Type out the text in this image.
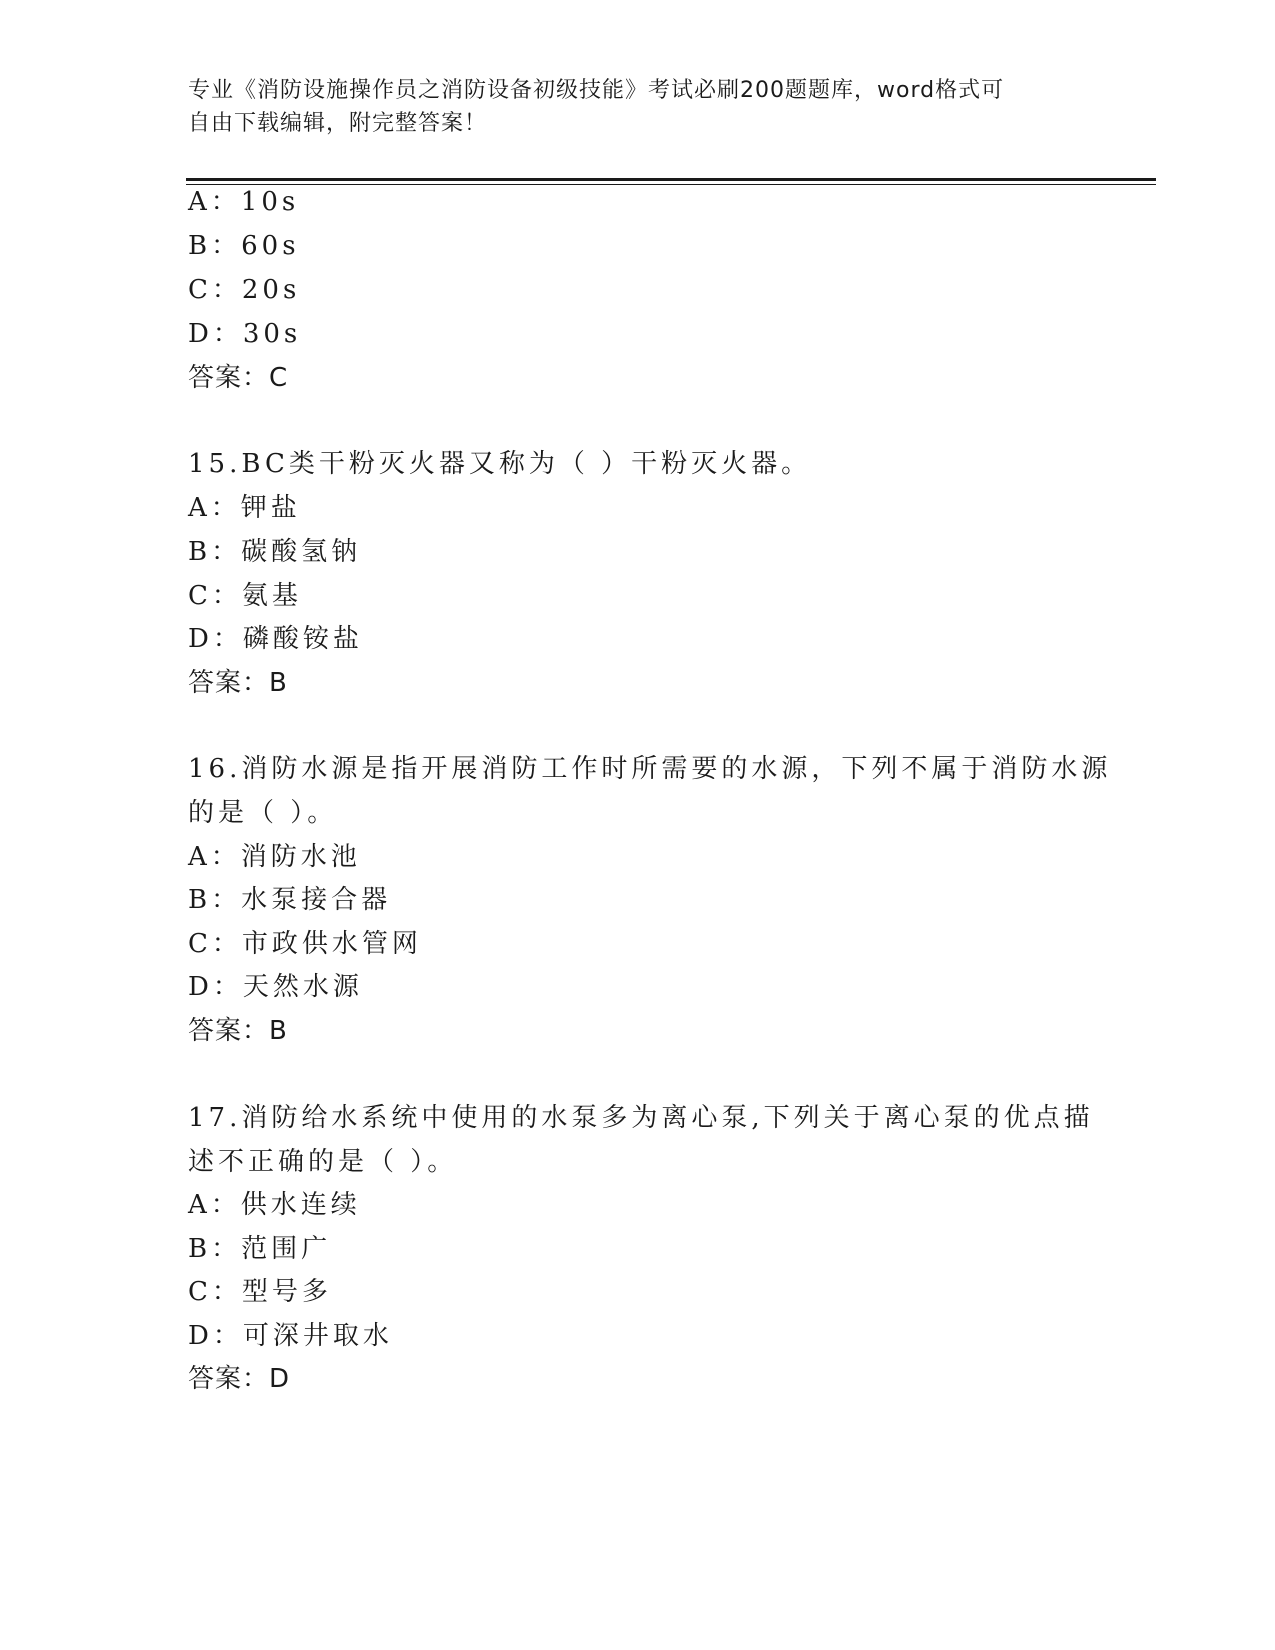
专业《消防设施操作员之消防设备初级技能》考试必刷200题题库，word格式可
自由下载编辑，附完整答案！
A：10s
B：60s
C：20s
D：30s
答案：C
15.BC类干粉灭火器又称为（ ）干粉灭火器。
A：钾盐
B：碳酸氢钠
C：氨基
D：磷酸铵盐
答案：B
16.消防水源是指开展消防工作时所需要的水源，下列不属于消防水源
的是（ ）。
A：消防水池
B：水泵接合器
C：市政供水管网
D：天然水源
答案：B
17.消防给水系统中使用的水泵多为离心泵,下列关于离心泵的优点描
述不正确的是（ ）。
A：供水连续
B：范围广
C：型号多
D：可深井取水
答案：D
